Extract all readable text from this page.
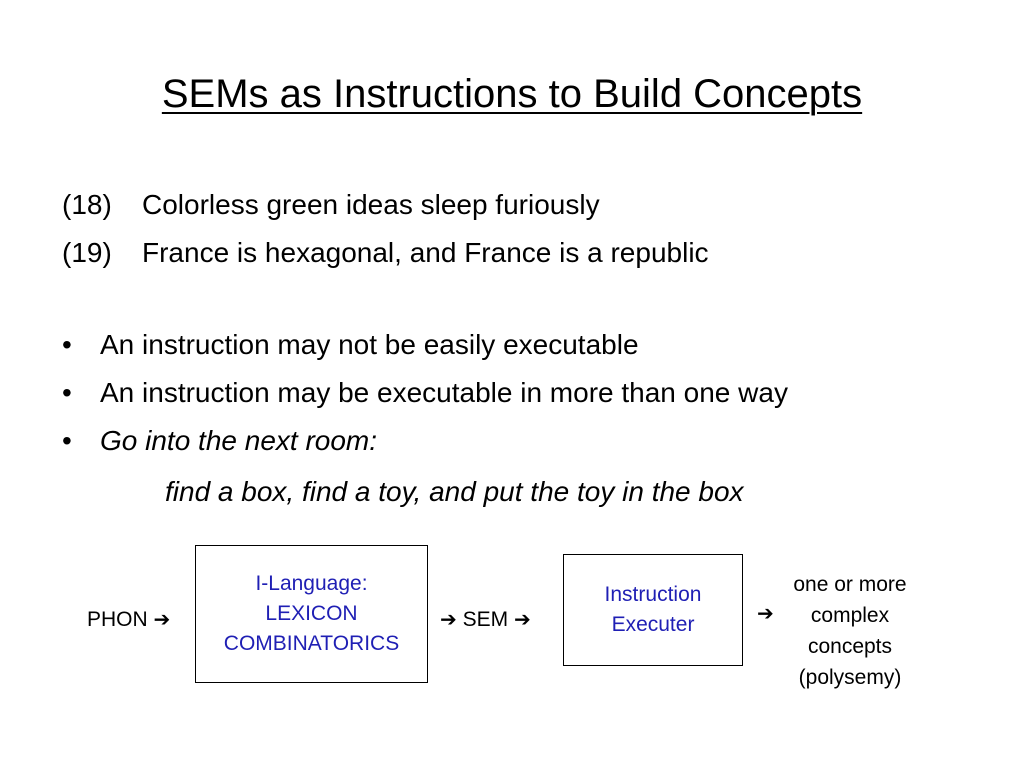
SEMs as Instructions to Build Concepts
(18) Colorless green ideas sleep furiously
(19) France is hexagonal, and France is a republic
• An instruction may not be easily executable
• An instruction may be executable in more than one way
• Go into the next room:
find a box, find a toy, and put the toy in the box
PHON ➔
I-Language:
LEXICON
COMBINATORICS
➔ SEM ➔
Instruction
Executer	➔
one or more
complex
concepts
(polysemy)
